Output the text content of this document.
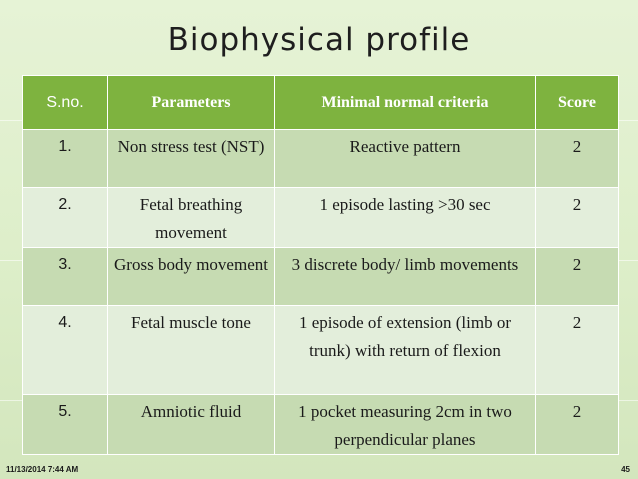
Biophysical profile
S.no.	Parameters	Minimal normal criteria	Score
1.	Non stress test (NST)	Reactive pattern	2
2.	Fetal breathing movement	1 episode lasting >30 sec	2
3.	Gross body movement	3 discrete body/ limb movements	2
4.	Fetal muscle tone	1 episode of extension (limb or trunk) with return of flexion	2
5.	Amniotic fluid	1 pocket measuring 2cm in two perpendicular planes	2
11/13/2014 7:44 AM	45
